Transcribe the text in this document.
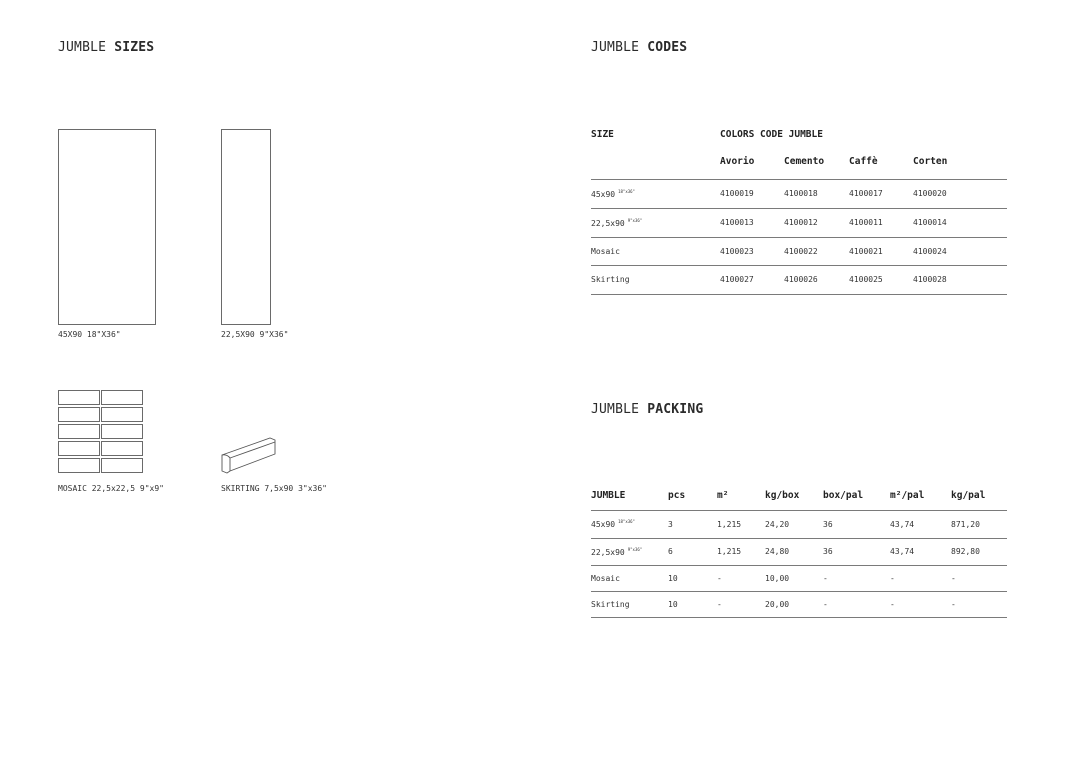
JUMBLE SIZES
45X90 18"X36"	22,5X90 9"X36"
MOSAIC 22,5x22,5 9"x9"	SKIRTING 7,5x90 3"x36"
JUMBLE CODES
SIZE	COLORS CODE JUMBLE			
	Avorio	Cemento	Caffè	Corten
45x90 $^{18"x36"}$	4100019	4100018	4100017	4100020
22,5x90 $^{9"x36"}$	4100013	4100012	4100011	4100014
Mosaic	4100023	4100022	4100021	4100024
Skirting	4100027	4100026	4100025	4100028
JUMBLE PACKING
JUMBLE	pcs	m²	kg/box	box/pal	m²/pal	kg/pal
45x90 $^{18"x36"}$	3	1,215	24,20	36	43,74	871,20
22,5x90 $^{9"x36"}$	6	1,215	24,80	36	43,74	892,80
Mosaic	10	-	10,00	-	-	-
Skirting	10	-	20,00	-	-	-
